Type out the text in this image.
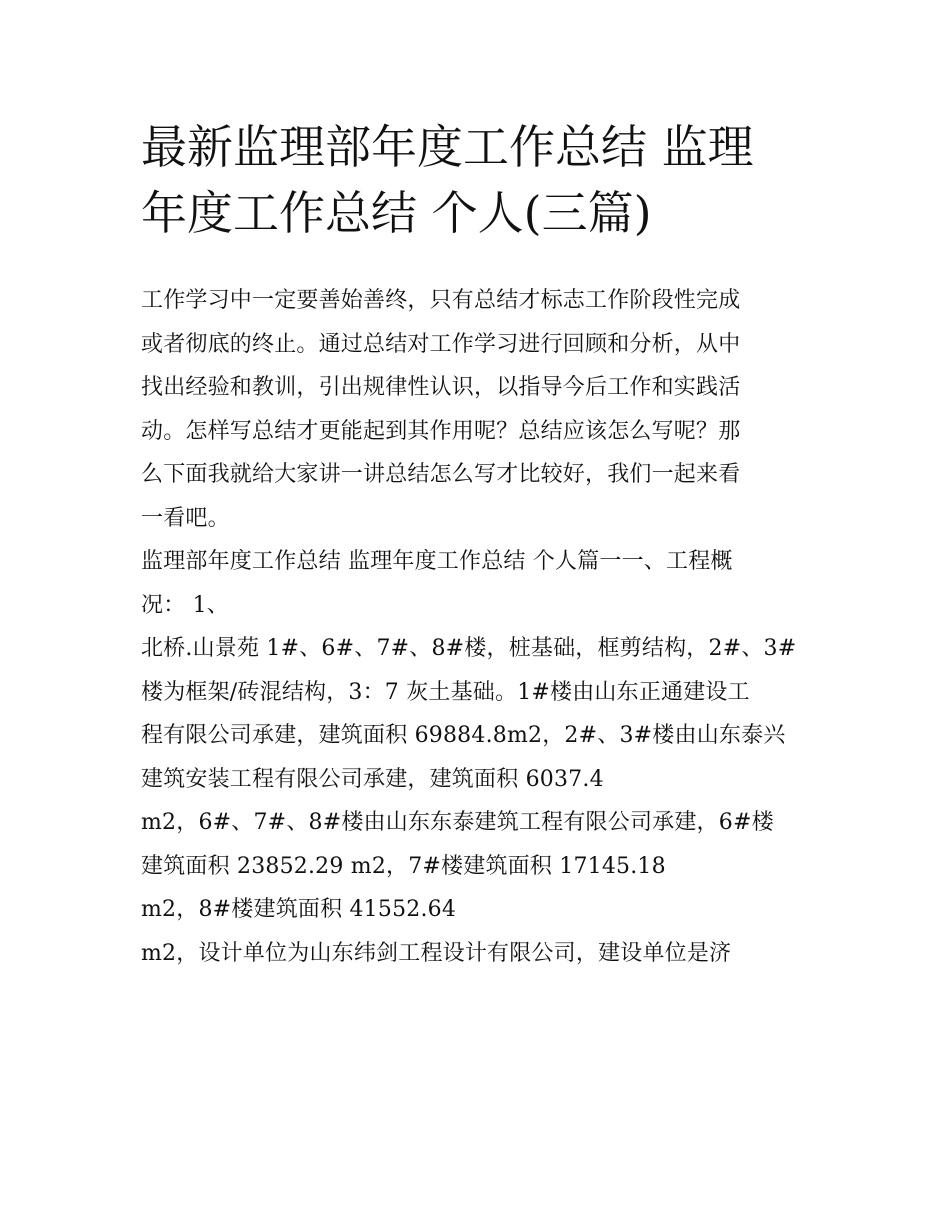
最新监理部年度工作总结 监理
年度工作总结 个人(三篇)
工作学习中一定要善始善终，只有总结才标志工作阶段性完成
或者彻底的终止。通过总结对工作学习进行回顾和分析，从中
找出经验和教训，引出规律性认识，以指导今后工作和实践活
动。怎样写总结才更能起到其作用呢？总结应该怎么写呢？那
么下面我就给大家讲一讲总结怎么写才比较好，我们一起来看
一看吧。
监理部年度工作总结 监理年度工作总结 个人篇一一、工程概
况： 1、
北桥.山景苑 1#、6#、7#、8#楼，桩基础，框剪结构，2#、3#
楼为框架/砖混结构，3：7 灰土基础。1#楼由山东正通建设工
程有限公司承建，建筑面积 69884.8m2，2#、3#楼由山东泰兴
建筑安装工程有限公司承建，建筑面积 6037.4
m2，6#、7#、8#楼由山东东泰建筑工程有限公司承建，6#楼
建筑面积 23852.29 m2，7#楼建筑面积 17145.18
m2，8#楼建筑面积 41552.64
m2，设计单位为山东纬剑工程设计有限公司，建设单位是济
